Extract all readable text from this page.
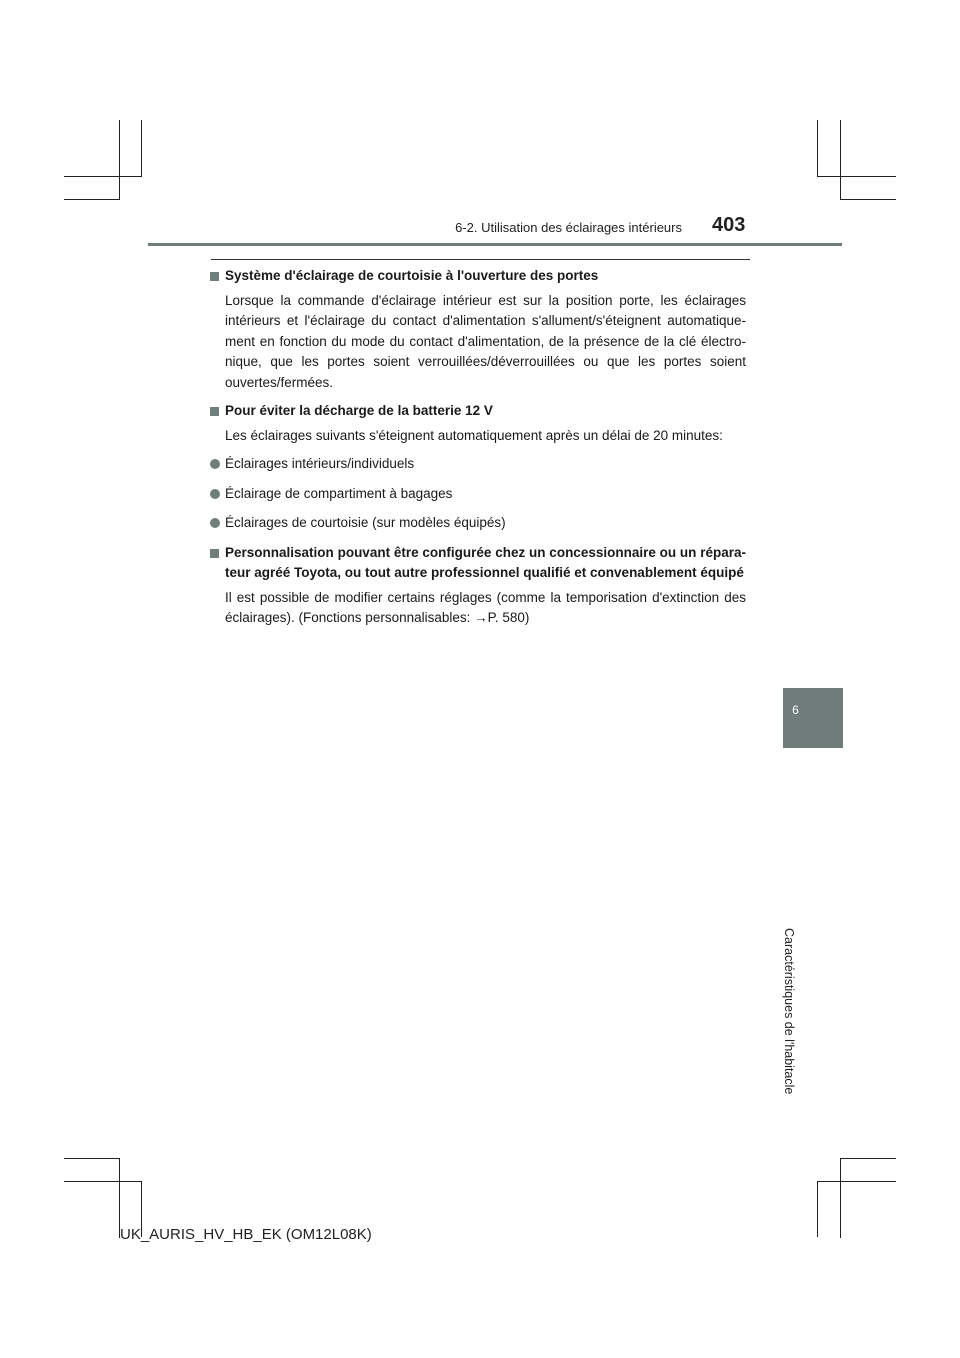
6-2. Utilisation des éclairages intérieurs 403
Système d'éclairage de courtoisie à l'ouverture des portes
Lorsque la commande d'éclairage intérieur est sur la position porte, les éclairages intérieurs et l'éclairage du contact d'alimentation s'allument/s'éteignent automatique-ment en fonction du mode du contact d'alimentation, de la présence de la clé électro-nique, que les portes soient verrouillées/déverrouillées ou que les portes soient ouvertes/fermées.
Pour éviter la décharge de la batterie 12 V
Les éclairages suivants s'éteignent automatiquement après un délai de 20 minutes:
Éclairages intérieurs/individuels
Éclairage de compartiment à bagages
Éclairages de courtoisie (sur modèles équipés)
Personnalisation pouvant être configurée chez un concessionnaire ou un répara-teur agréé Toyota, ou tout autre professionnel qualifié et convenablement équipé
Il est possible de modifier certains réglages (comme la temporisation d'extinction des éclairages). (Fonctions personnalisables: →P. 580)
6
Caractéristiques de l'habitacle
UK_AURIS_HV_HB_EK (OM12L08K)
